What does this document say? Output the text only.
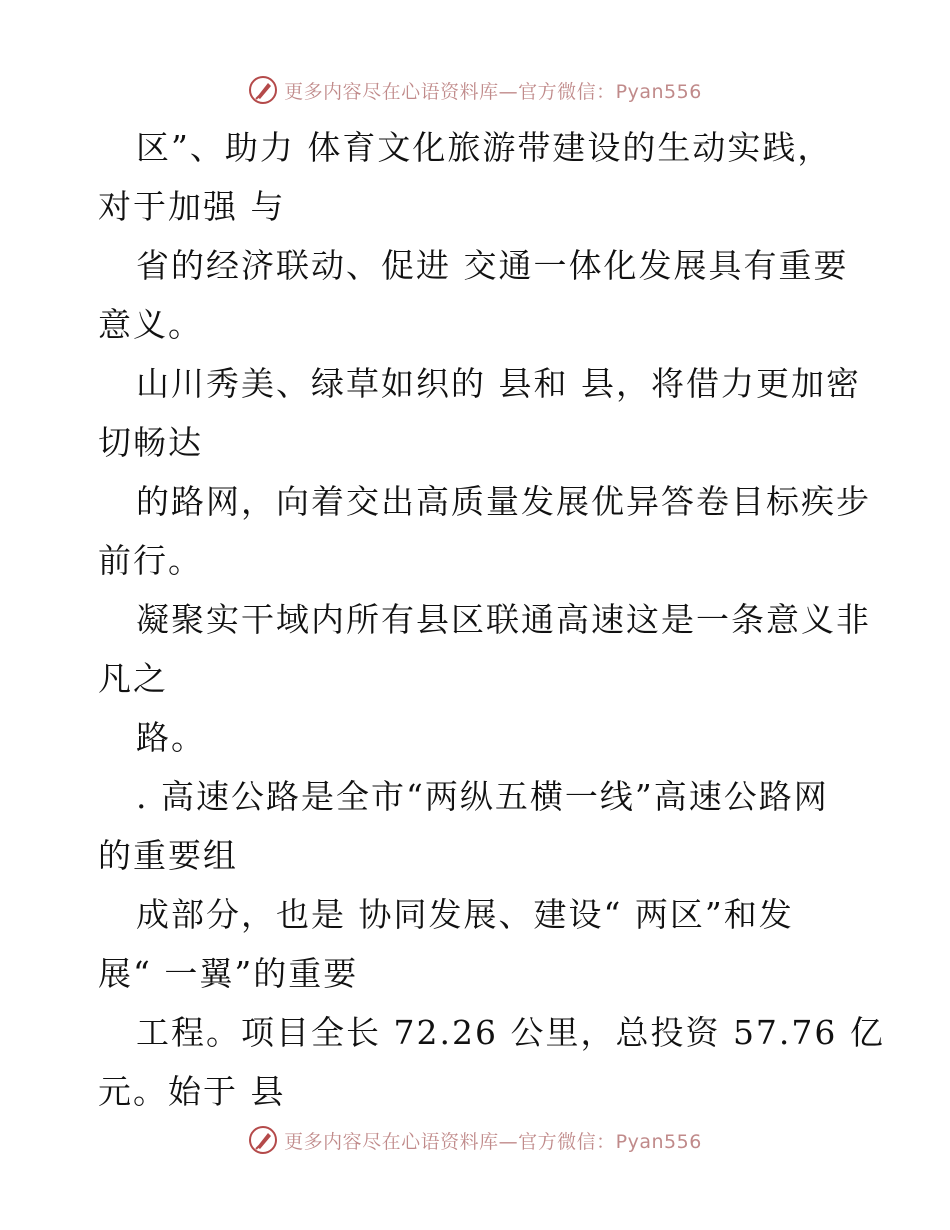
更多内容尽在心语资料库—官方微信：Pyan556
区”、助力 体育文化旅游带建设的生动实践，
对于加强 与
省的经济联动、促进 交通一体化发展具有重要
意义。
山川秀美、绿草如织的 县和 县，将借力更加密
切畅达
的路网，向着交出高质量发展优异答卷目标疾步
前行。
凝聚实干域内所有县区联通高速这是一条意义非
凡之
路。
. 高速公路是全市“两纵五横一线”高速公路网
的重要组
成部分，也是 协同发展、建设“ 两区”和发
展“ 一翼”的重要
工程。项目全长 72.26 公里，总投资 57.76 亿
元。始于 县
更多内容尽在心语资料库—官方微信：Pyan556
